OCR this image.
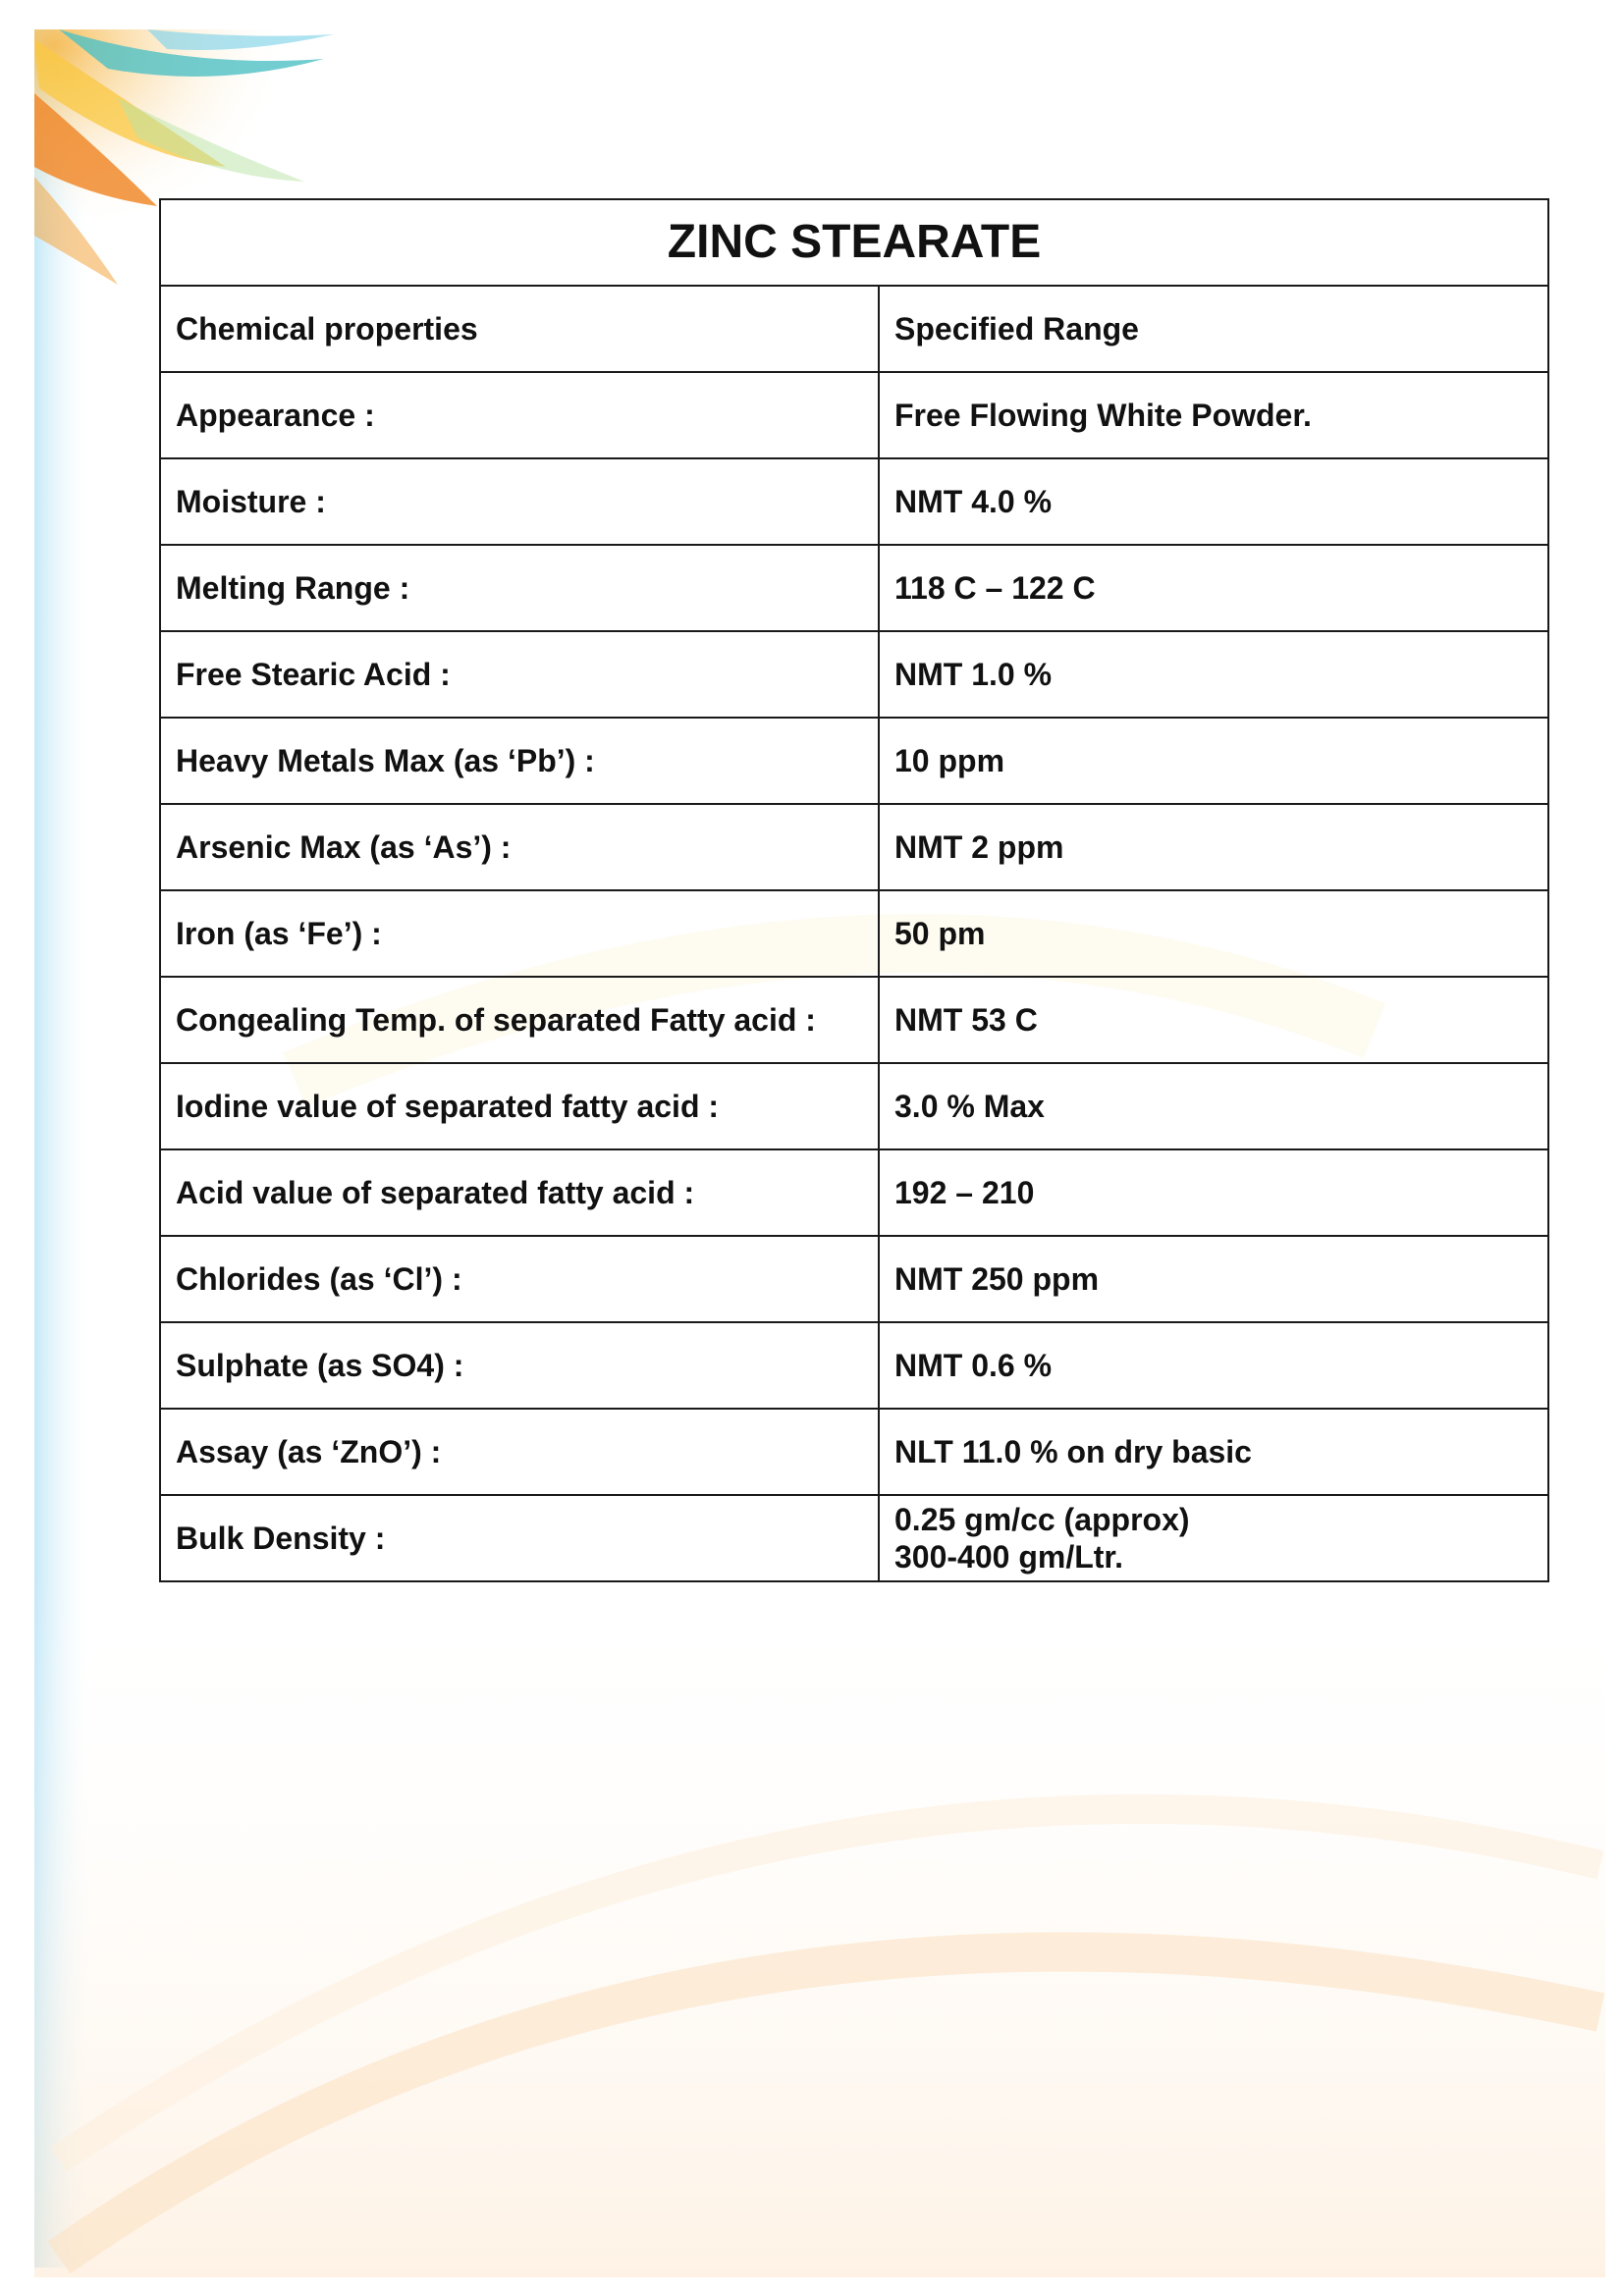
ZINC STEARATE	
Chemical properties	Specified Range
Appearance :	Free Flowing White Powder.
Moisture :	NMT 4.0 %
Melting Range :	118 C – 122 C
Free Stearic Acid :	NMT 1.0 %
Heavy Metals Max (as ‘Pb’) :	10 ppm
Arsenic Max (as ‘As’) :	NMT 2 ppm
Iron (as ‘Fe’) :	50 pm
Congealing Temp. of separated Fatty acid :	NMT 53 C
Iodine value of separated fatty acid :	3.0 % Max
Acid value of separated fatty acid :	192 – 210
Chlorides (as ‘Cl’) :	NMT 250 ppm
Sulphate (as SO4) :	NMT 0.6 %
Assay (as ‘ZnO’) :	NLT 11.0 % on dry basic
Bulk Density :	0.25 gm/cc (approx)
300-400 gm/Ltr.
